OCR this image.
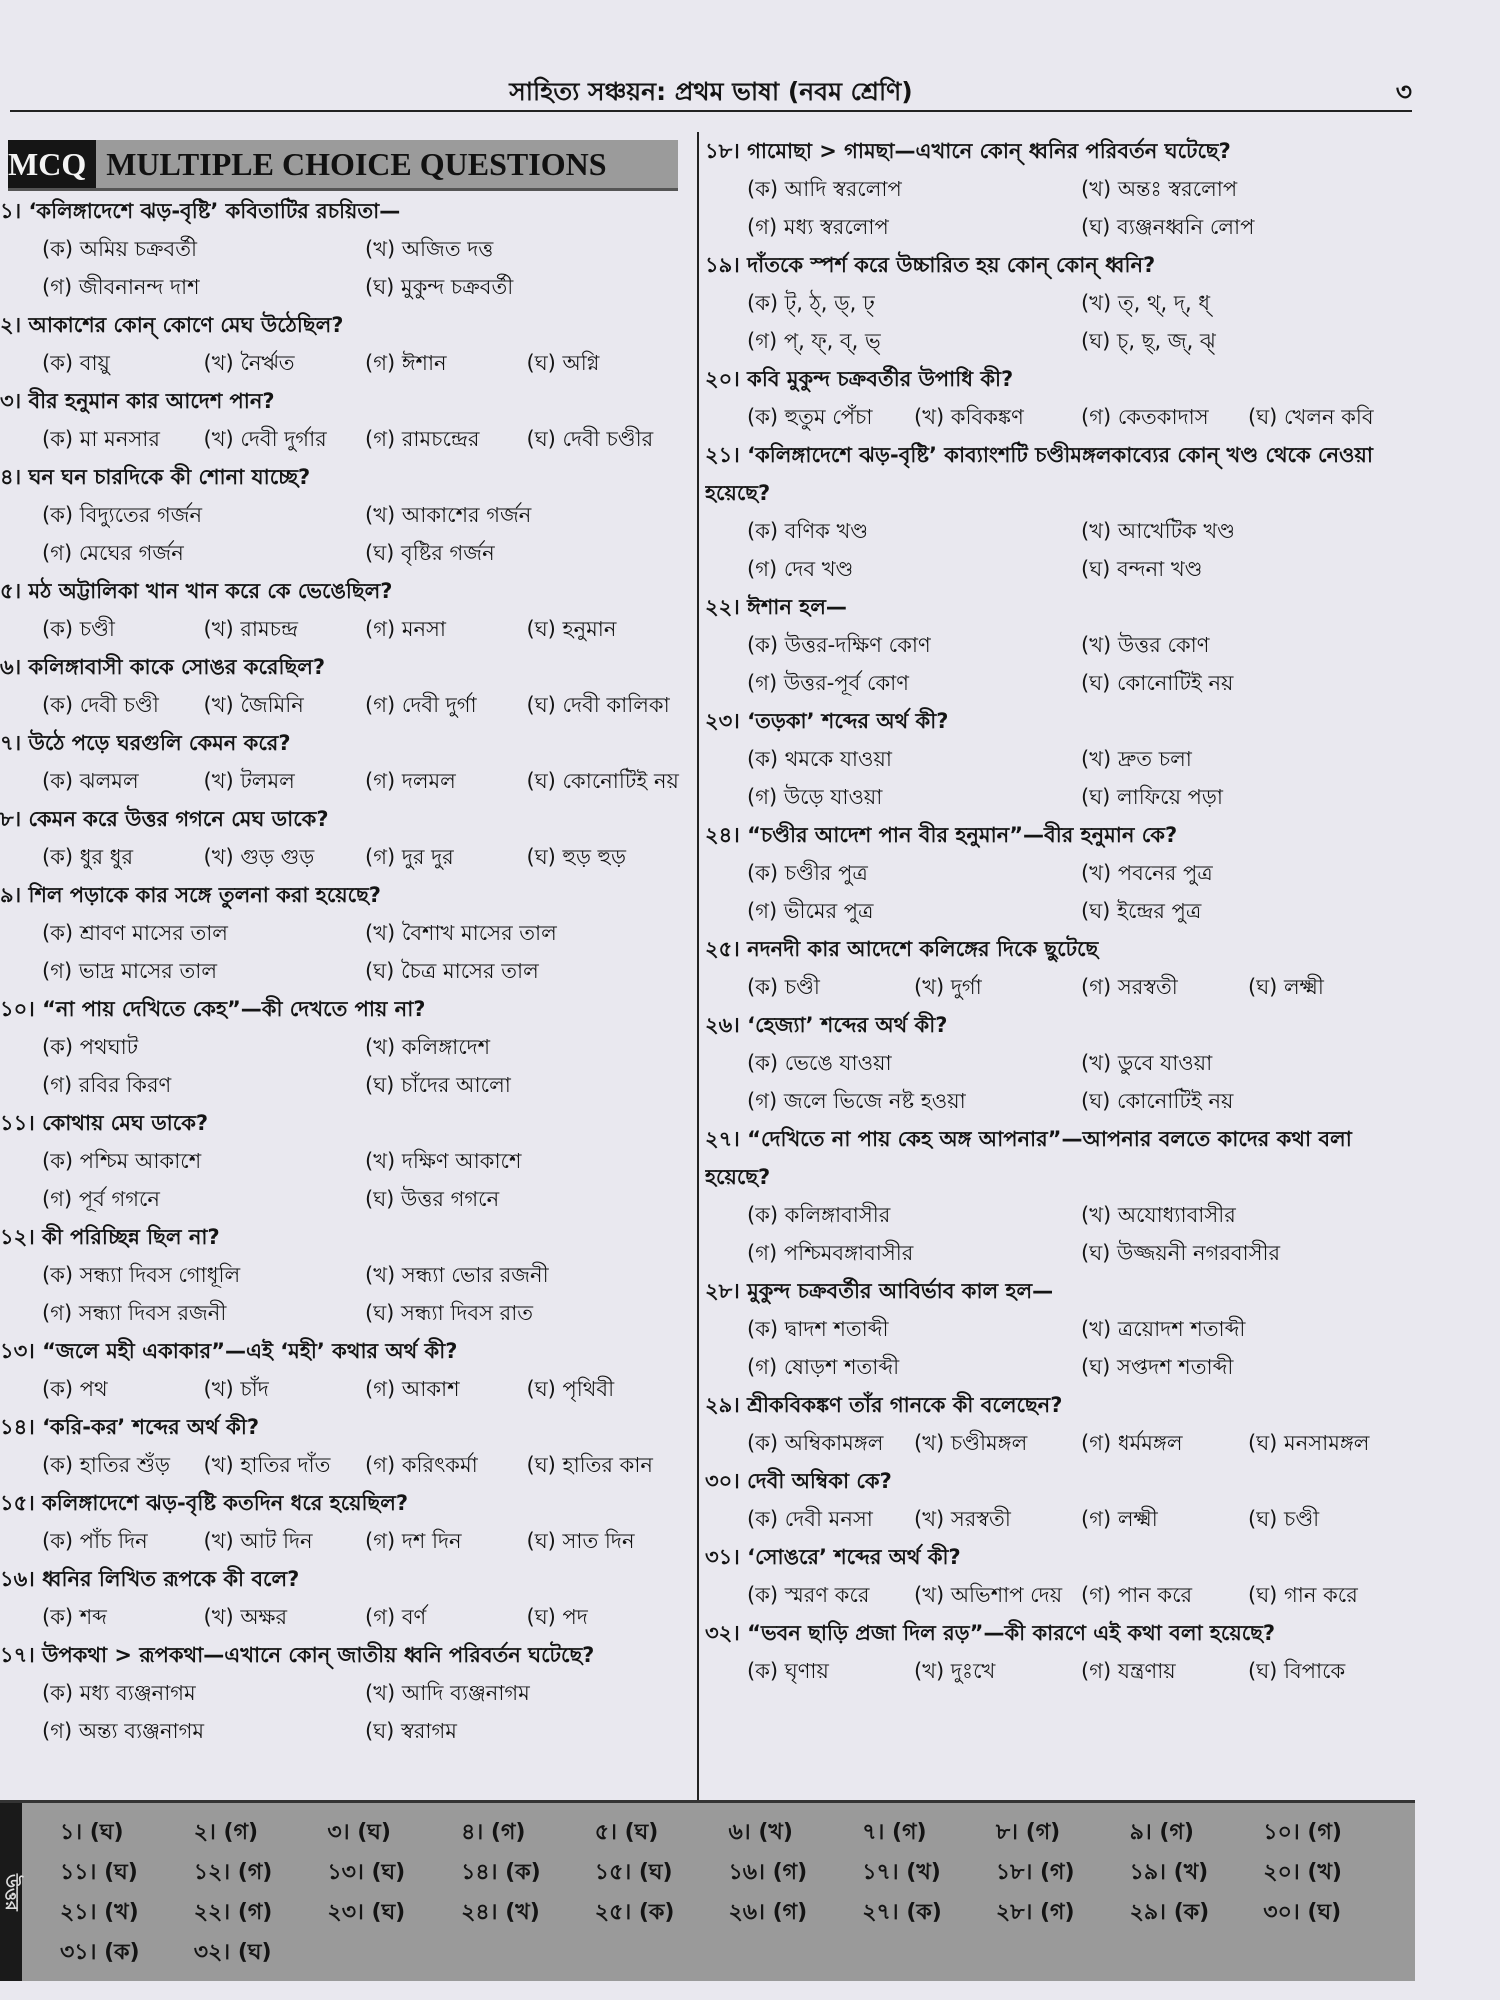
সাহিত্য সঞ্চয়ন: প্রথম ভাষা (নবম শ্রেণি)	৩
MCQ MULTIPLE CHOICE QUESTIONS
১। ‘কলিঙ্গাদেশে ঝড়-বৃষ্টি’ কবিতাটির রচয়িতা—
(ক) অমিয় চক্রবর্তী	(খ) অজিত দত্ত
(গ) জীবনানন্দ দাশ	(ঘ) মুকুন্দ চক্রবর্তী
২। আকাশের কোন্ কোণে মেঘ উঠেছিল?
(ক) বায়ু	(খ) নৈর্ঋত	(গ) ঈশান	(ঘ) অগ্নি
৩। বীর হনুমান কার আদেশ পান?
(ক) মা মনসার	(খ) দেবী দুর্গার	(গ) রামচন্দ্রের	(ঘ) দেবী চণ্ডীর
৪। ঘন ঘন চারদিকে কী শোনা যাচ্ছে?
(ক) বিদ্যুতের গর্জন	(খ) আকাশের গর্জন
(গ) মেঘের গর্জন	(ঘ) বৃষ্টির গর্জন
৫। মঠ অট্টালিকা খান খান করে কে ভেঙেছিল?
(ক) চণ্ডী	(খ) রামচন্দ্র	(গ) মনসা	(ঘ) হনুমান
৬। কলিঙ্গাবাসী কাকে সোঙর করেছিল?
(ক) দেবী চণ্ডী	(খ) জৈমিনি	(গ) দেবী দুর্গা	(ঘ) দেবী কালিকা
৭। উঠে পড়ে ঘরগুলি কেমন করে?
(ক) ঝলমল	(খ) টলমল	(গ) দলমল	(ঘ) কোনোটিই নয়
৮। কেমন করে উত্তর গগনে মেঘ ডাকে?
(ক) ধুর ধুর	(খ) গুড় গুড়	(গ) দুর দুর	(ঘ) হুড় হুড়
৯। শিল পড়াকে কার সঙ্গে তুলনা করা হয়েছে?
(ক) শ্রাবণ মাসের তাল	(খ) বৈশাখ মাসের তাল
(গ) ভাদ্র মাসের তাল	(ঘ) চৈত্র মাসের তাল
১০। “না পায় দেখিতে কেহ”—কী দেখতে পায় না?
(ক) পথঘাট	(খ) কলিঙ্গাদেশ
(গ) রবির কিরণ	(ঘ) চাঁদের আলো
১১। কোথায় মেঘ ডাকে?
(ক) পশ্চিম আকাশে	(খ) দক্ষিণ আকাশে
(গ) পূর্ব গগনে	(ঘ) উত্তর গগনে
১২। কী পরিচ্ছিন্ন ছিল না?
(ক) সন্ধ্যা দিবস গোধূলি	(খ) সন্ধ্যা ভোর রজনী
(গ) সন্ধ্যা দিবস রজনী	(ঘ) সন্ধ্যা দিবস রাত
১৩। “জলে মহী একাকার”—এই ‘মহী’ কথার অর্থ কী?
(ক) পথ	(খ) চাঁদ	(গ) আকাশ	(ঘ) পৃথিবী
১৪। ‘করি-কর’ শব্দের অর্থ কী?
(ক) হাতির শুঁড়	(খ) হাতির দাঁত	(গ) করিৎকর্মা	(ঘ) হাতির কান
১৫। কলিঙ্গাদেশে ঝড়-বৃষ্টি কতদিন ধরে হয়েছিল?
(ক) পাঁচ দিন	(খ) আট দিন	(গ) দশ দিন	(ঘ) সাত দিন
১৬। ধ্বনির লিখিত রূপকে কী বলে?
(ক) শব্দ	(খ) অক্ষর	(গ) বর্ণ	(ঘ) পদ
১৭। উপকথা > রূপকথা—এখানে কোন্ জাতীয় ধ্বনি পরিবর্তন ঘটেছে?
(ক) মধ্য ব্যঞ্জনাগম	(খ) আদি ব্যঞ্জনাগম
(গ) অন্ত্য ব্যঞ্জনাগম	(ঘ) স্বরাগম
১৮। গামোছা > গামছা—এখানে কোন্ ধ্বনির পরিবর্তন ঘটেছে?
(ক) আদি স্বরলোপ	(খ) অন্তঃ স্বরলোপ
(গ) মধ্য স্বরলোপ	(ঘ) ব্যঞ্জনধ্বনি লোপ
১৯। দাঁতকে স্পর্শ করে উচ্চারিত হয় কোন্ কোন্ ধ্বনি?
(ক) ট্, ঠ্, ড্, ঢ্	(খ) ত্, থ্, দ্, ধ্
(গ) প্, ফ্, ব্, ভ্	(ঘ) চ্, ছ্, জ্, ঝ্
২০। কবি মুকুন্দ চক্রবর্তীর উপাধি কী?
(ক) হুতুম পেঁচা	(খ) কবিকঙ্কণ	(গ) কেতকাদাস	(ঘ) খেলন কবি
২১। ‘কলিঙ্গাদেশে ঝড়-বৃষ্টি’ কাব্যাংশটি চণ্ডীমঙ্গলকাব্যের কোন্ খণ্ড থেকে নেওয়া হয়েছে?
(ক) বণিক খণ্ড	(খ) আখেটিক খণ্ড
(গ) দেব খণ্ড	(ঘ) বন্দনা খণ্ড
২২। ঈশান হল—
(ক) উত্তর-দক্ষিণ কোণ	(খ) উত্তর কোণ
(গ) উত্তর-পূর্ব কোণ	(ঘ) কোনোটিই নয়
২৩। ‘তড়কা’ শব্দের অর্থ কী?
(ক) থমকে যাওয়া	(খ) দ্রুত চলা
(গ) উড়ে যাওয়া	(ঘ) লাফিয়ে পড়া
২৪। “চণ্ডীর আদেশ পান বীর হনুমান”—বীর হনুমান কে?
(ক) চণ্ডীর পুত্র	(খ) পবনের পুত্র
(গ) ভীমের পুত্র	(ঘ) ইন্দ্রের পুত্র
২৫। নদনদী কার আদেশে কলিঙ্গের দিকে ছুটেছে
(ক) চণ্ডী	(খ) দুর্গা	(গ) সরস্বতী	(ঘ) লক্ষ্মী
২৬। ‘হেজ্যা’ শব্দের অর্থ কী?
(ক) ভেঙে যাওয়া	(খ) ডুবে যাওয়া
(গ) জলে ভিজে নষ্ট হওয়া	(ঘ) কোনোটিই নয়
২৭। “দেখিতে না পায় কেহ অঙ্গ আপনার”—আপনার বলতে কাদের কথা বলা হয়েছে?
(ক) কলিঙ্গাবাসীর	(খ) অযোধ্যাবাসীর
(গ) পশ্চিমবঙ্গাবাসীর	(ঘ) উজ্জয়নী নগরবাসীর
২৮। মুকুন্দ চক্রবর্তীর আবির্ভাব কাল হল—
(ক) দ্বাদশ শতাব্দী	(খ) ত্রয়োদশ শতাব্দী
(গ) ষোড়শ শতাব্দী	(ঘ) সপ্তদশ শতাব্দী
২৯। শ্রীকবিকঙ্কণ তাঁর গানকে কী বলেছেন?
(ক) অম্বিকামঙ্গল	(খ) চণ্ডীমঙ্গল	(গ) ধর্মমঙ্গল	(ঘ) মনসামঙ্গল
৩০। দেবী অম্বিকা কে?
(ক) দেবী মনসা	(খ) সরস্বতী	(গ) লক্ষ্মী	(ঘ) চণ্ডী
৩১। ‘সোঙরে’ শব্দের অর্থ কী?
(ক) স্মরণ করে	(খ) অভিশাপ দেয় (গ) পান করে	(ঘ) গান করে
৩২। “ভবন ছাড়ি প্রজা দিল রড়”—কী কারণে এই কথা বলা হয়েছে?
(ক) ঘৃণায়	(খ) দুঃখে	(গ) যন্ত্রণায়	(ঘ) বিপাকে
উত্তর
১। (ঘ)	২। (গ)	৩। (ঘ)	৪। (গ)	৫। (ঘ)	৬। (খ)	৭। (গ)	৮। (গ)	৯। (গ)	১০। (গ)
১১। (ঘ)	১২। (গ)	১৩। (ঘ)	১৪। (ক)	১৫। (ঘ)	১৬। (গ)	১৭। (খ)	১৮। (গ)	১৯। (খ)	২০। (খ)
২১। (খ)	২২। (গ)	২৩। (ঘ)	২৪। (খ)	২৫। (ক)	২৬। (গ)	২৭। (ক)	২৮। (গ)	২৯। (ক)	৩০। (ঘ)
৩১। (ক)	৩২। (ঘ)
